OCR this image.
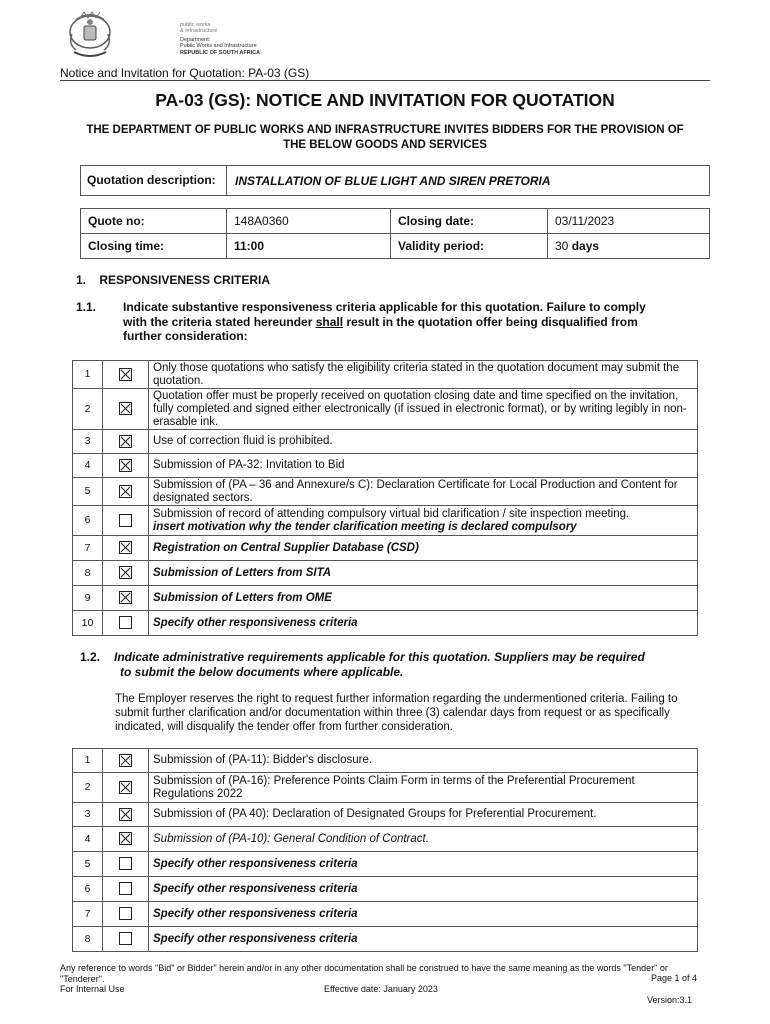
public works
& infrastructure
Department:
Public Works and Infrastructure
REPUBLIC OF SOUTH AFRICA
Notice and Invitation for Quotation: PA-03 (GS)
PA-03 (GS): NOTICE AND INVITATION FOR QUOTATION
THE DEPARTMENT OF PUBLIC WORKS AND INFRASTRUCTURE INVITES BIDDERS FOR THE PROVISION OF THE BELOW GOODS AND SERVICES
Quotation description:	INSTALLATION OF BLUE LIGHT AND SIREN PRETORIA
Quote no:	148A0360	Closing date:	03/11/2023
Closing time:	11:00	Validity period:	30 days
1. RESPONSIVENESS CRITERIA
1.1. Indicate substantive responsiveness criteria applicable for this quotation. Failure to comply
with the criteria stated hereunder shall result in the quotation offer being disqualified from
further consideration:
1		Only those quotations who satisfy the eligibility criteria stated in the quotation document may submit the quotation.

2		Quotation offer must be properly received on quotation closing date and time specified on the invitation, fully completed and signed either electronically (if issued in electronic format), or by writing legibly in non-erasable ink.

3		Use of correction fluid is prohibited.

4		Submission of PA-32: Invitation to Bid

5		Submission of (PA – 36 and Annexure/s C): Declaration Certificate for Local Production and Content for designated sectors.

6		Submission of record of attending compulsory virtual bid clarification / site inspection meeting.
insert motivation why the tender clarification meeting is declared compulsory

7		Registration on Central Supplier Database (CSD)

8		Submission of Letters from SITA

9		Submission of Letters from OME

10		Specify other responsiveness criteria
1.2. Indicate administrative requirements applicable for this quotation. Suppliers may be required
to submit the below documents where applicable.
The Employer reserves the right to request further information regarding the undermentioned criteria. Failing to submit further clarification and/or documentation within three (3) calendar days from request or as specifically indicated, will disqualify the tender offer from further consideration.
1		Submission of (PA-11): Bidder's disclosure.

2		Submission of (PA-16): Preference Points Claim Form in terms of the Preferential Procurement Regulations 2022

3		Submission of (PA 40): Declaration of Designated Groups for Preferential Procurement.

4		Submission of (PA-10): General Condition of Contract.

5		Specify other responsiveness criteria

6		Specify other responsiveness criteria

7		Specify other responsiveness criteria

8		Specify other responsiveness criteria
Any reference to words "Bid" or Bidder" herein and/or in any other documentation shall be construed to have the same meaning as the words "Tender" or "Tenderer".	Page 1 of 4
For Internal Use	Effective date: January 2023
Version:3.1
